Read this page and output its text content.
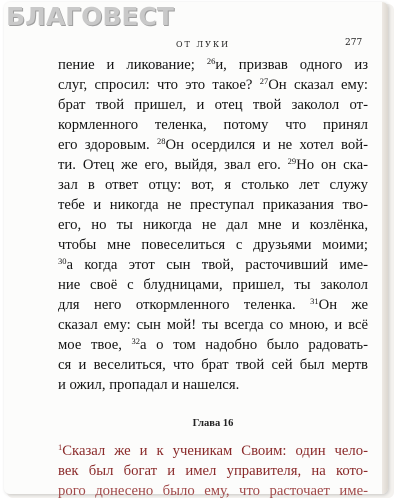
БЛАГОВЕСТ
ОТ ЛУКИ	277
пение и ликование; $^{26}$и, призвав одного из
слуг, спросил: что это такое? $^{27}$Он сказал ему:
брат твой пришел, и отец твой заколол от-
кормленного теленка, потому что принял
его здоровым. $^{28}$Он осердился и не хотел вой-
ти. Отец же его, выйдя, звал его. $^{29}$Но он ска-
зал в ответ отцу: вот, я столько лет служу
тебе и никогда не преступал приказания тво-
его, но ты никогда не дал мне и козлёнка,
чтобы мне повеселиться с друзьями моими;
$^{30}$а когда этот сын твой, расточивший име-
ние своё с блудницами, пришел, ты заколол
для него откормленного теленка. $^{31}$Он же
сказал ему: сын мой! ты всегда со мною, и всё
мое твое, $^{32}$а о том надобно было радовать-
ся и веселиться, что брат твой сей был мертв
и ожил, пропадал и нашелся.
Глава 16
$^1$Сказал же и к ученикам Своим: один чело-
век был богат и имел управителя, на кото-
рого донесено было ему, что расточает име-
